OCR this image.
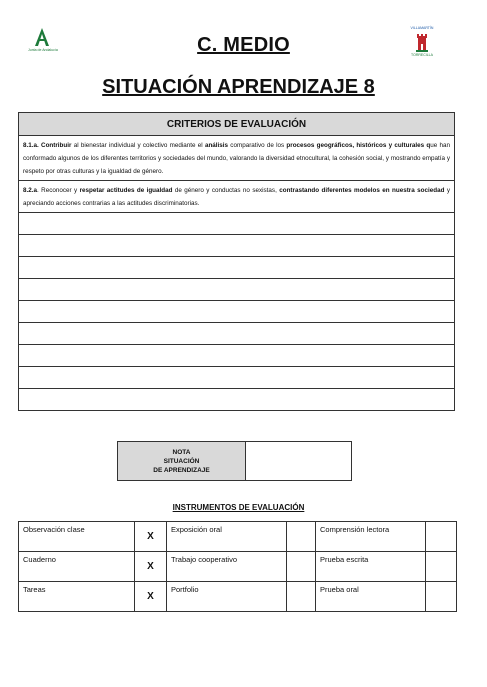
Junta de Andalucía
VILLAMARTÍN
TORRECILLA
C. MEDIO
SITUACIÓN APRENDIZAJE 8
CRITERIOS DE EVALUACIÓN
8.1.a. Contribuir al bienestar individual y colectivo mediante el análisis comparativo de los procesos geográficos, históricos y culturales que han conformado algunos de los diferentes territorios y sociedades del mundo, valorando la diversidad etnocultural, la cohesión social, y mostrando empatía y respeto por otras culturas y la igualdad de género.
8.2.a. Reconocer y respetar actitudes de igualdad de género y conductas no sexistas, contrastando diferentes modelos en nuestra sociedad y apreciando acciones contrarias a las actitudes discriminatorias.

NOTA
SITUACIÓN
DE APRENDIZAJE

INSTRUMENTOS DE EVALUACIÓN
Observación clase	X	Exposición oral		Comprensión lectora	
Cuaderno	X	Trabajo cooperativo		Prueba escrita	
Tareas	X	Portfolio		Prueba oral	
